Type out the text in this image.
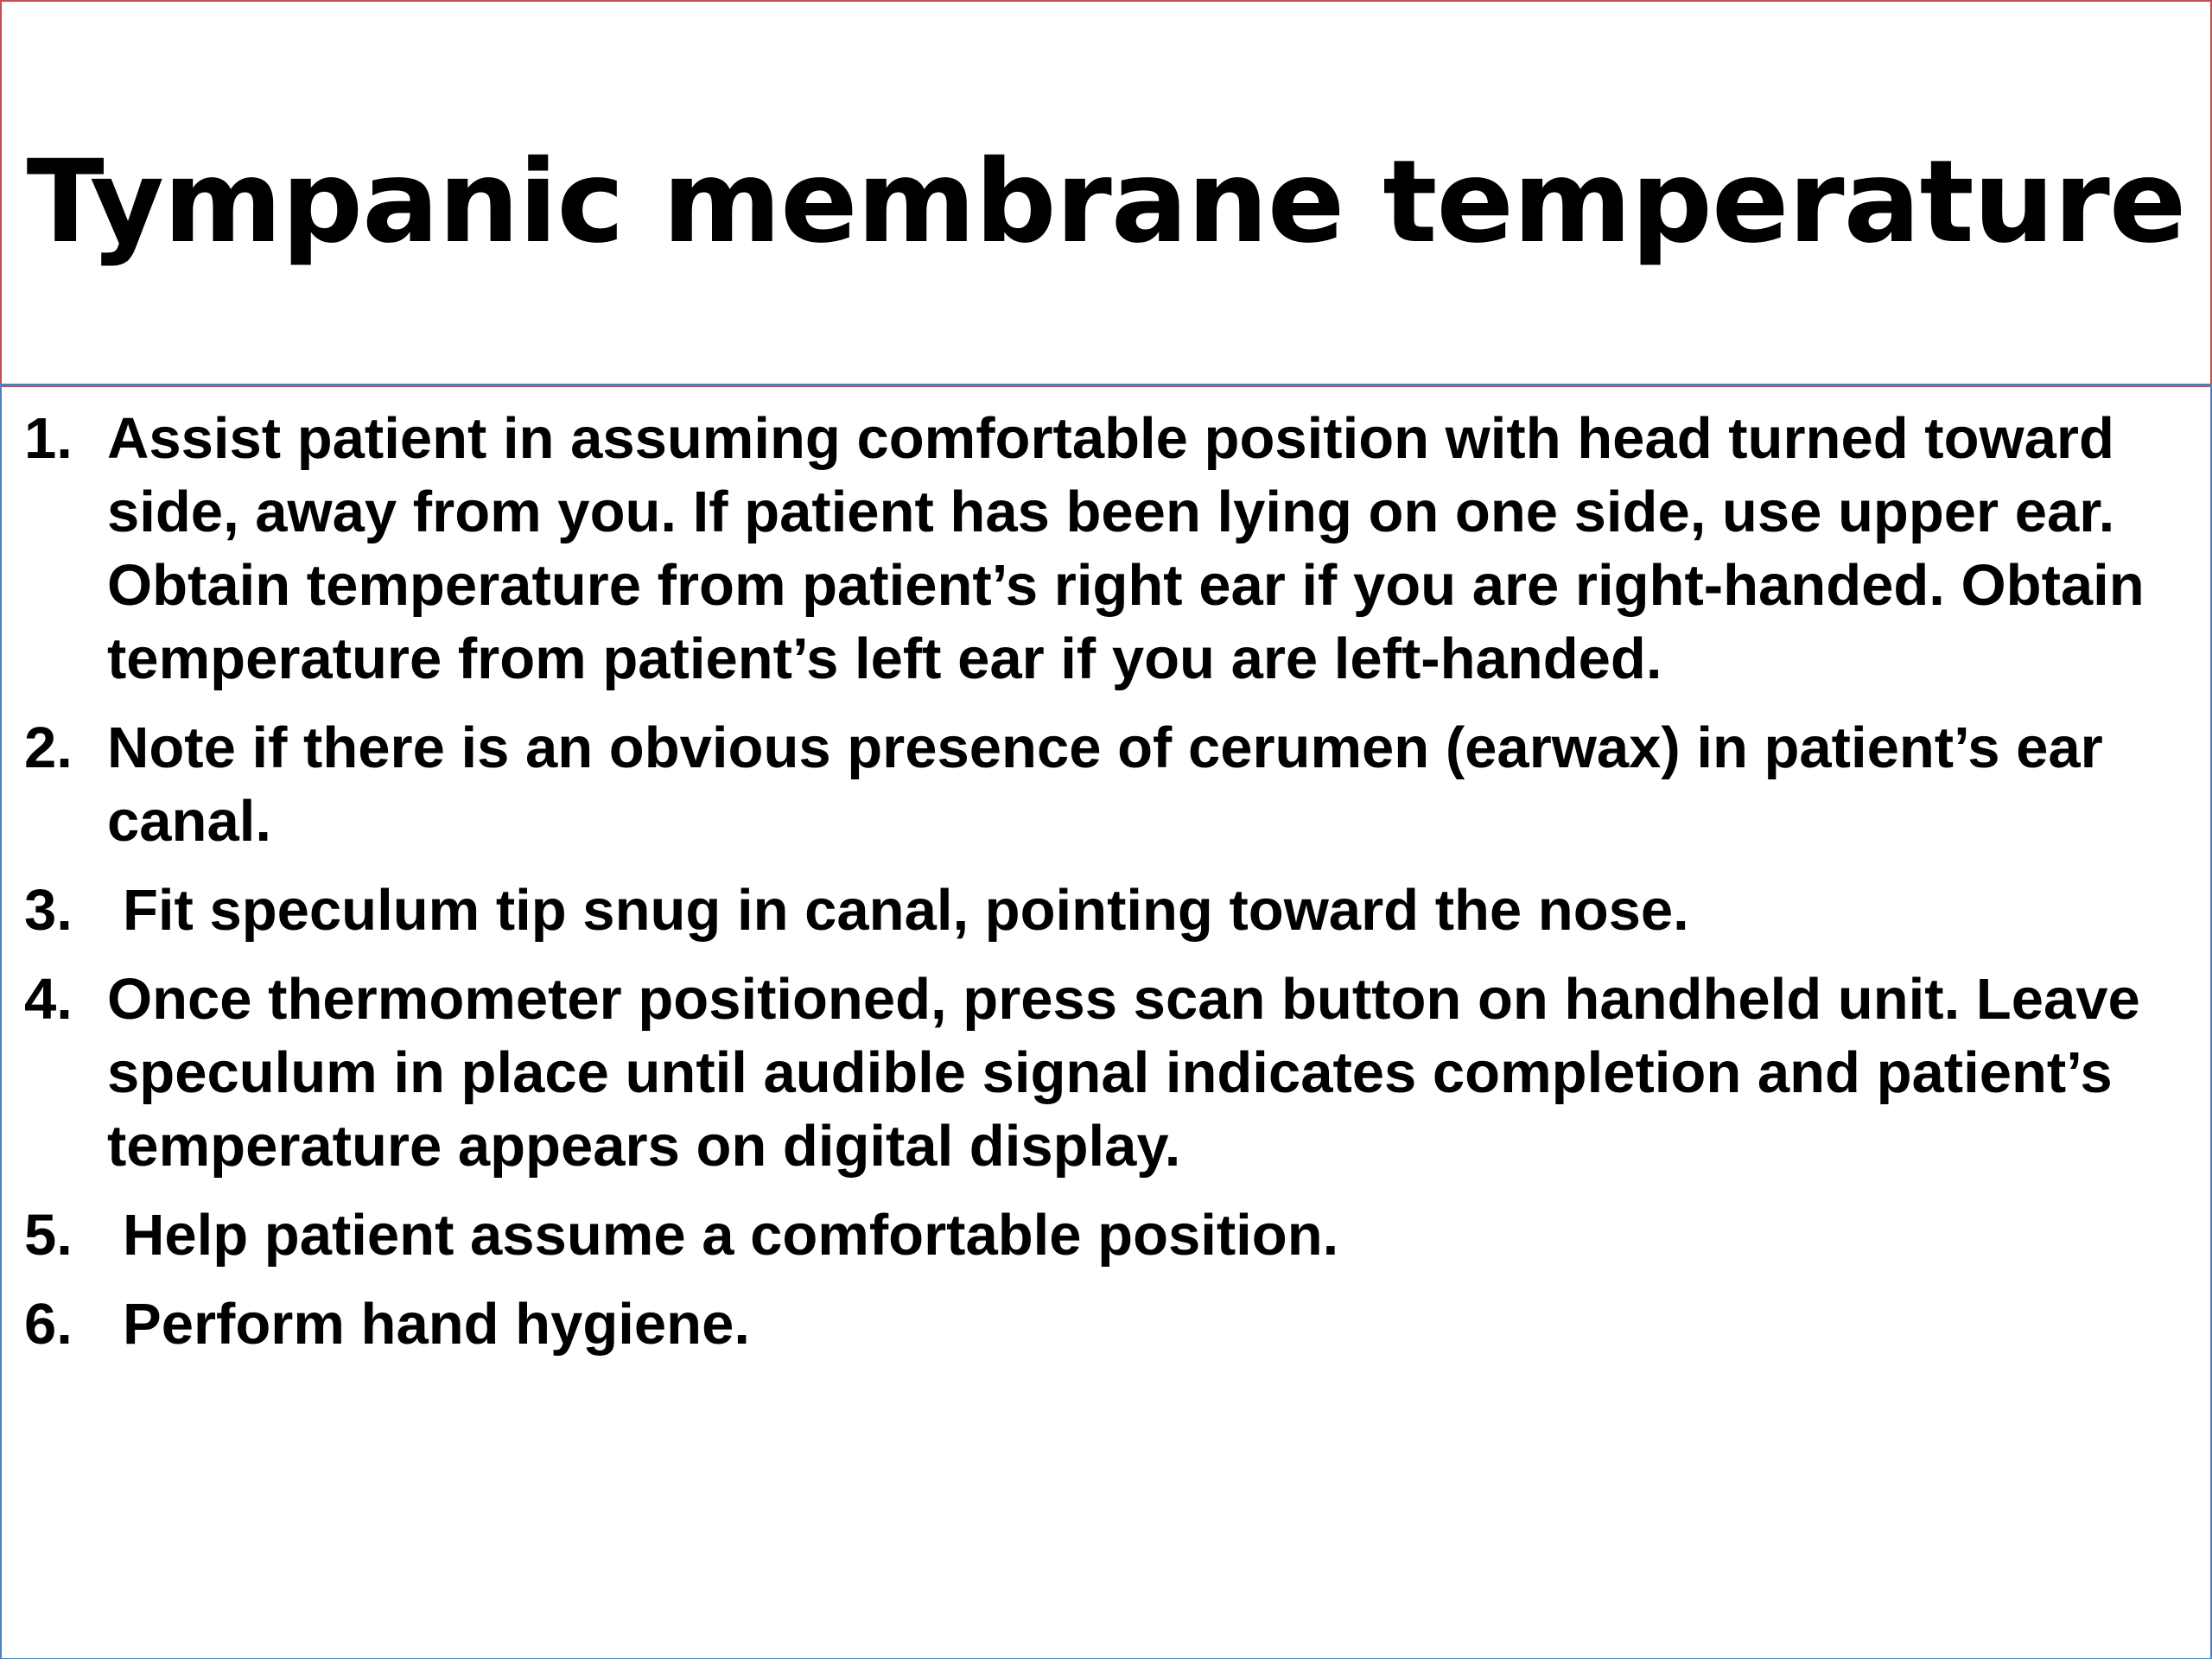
Tympanic membrane temperature
1. Assist patient in assuming comfortable position with head turned toward side, away from you. If patient has been lying on one side, use upper ear. Obtain temperature from patient’s right ear if you are right-handed. Obtain temperature from patient’s left ear if you are left-handed.
2. Note if there is an obvious presence of cerumen (earwax) in patient’s ear canal.
3. Fit speculum tip snug in canal, pointing toward the nose.
4. Once thermometer positioned, press scan button on handheld unit. Leave speculum in place until audible signal indicates completion and patient’s temperature appears on digital display.
5. Help patient assume a comfortable position.
6. Perform hand hygiene.
